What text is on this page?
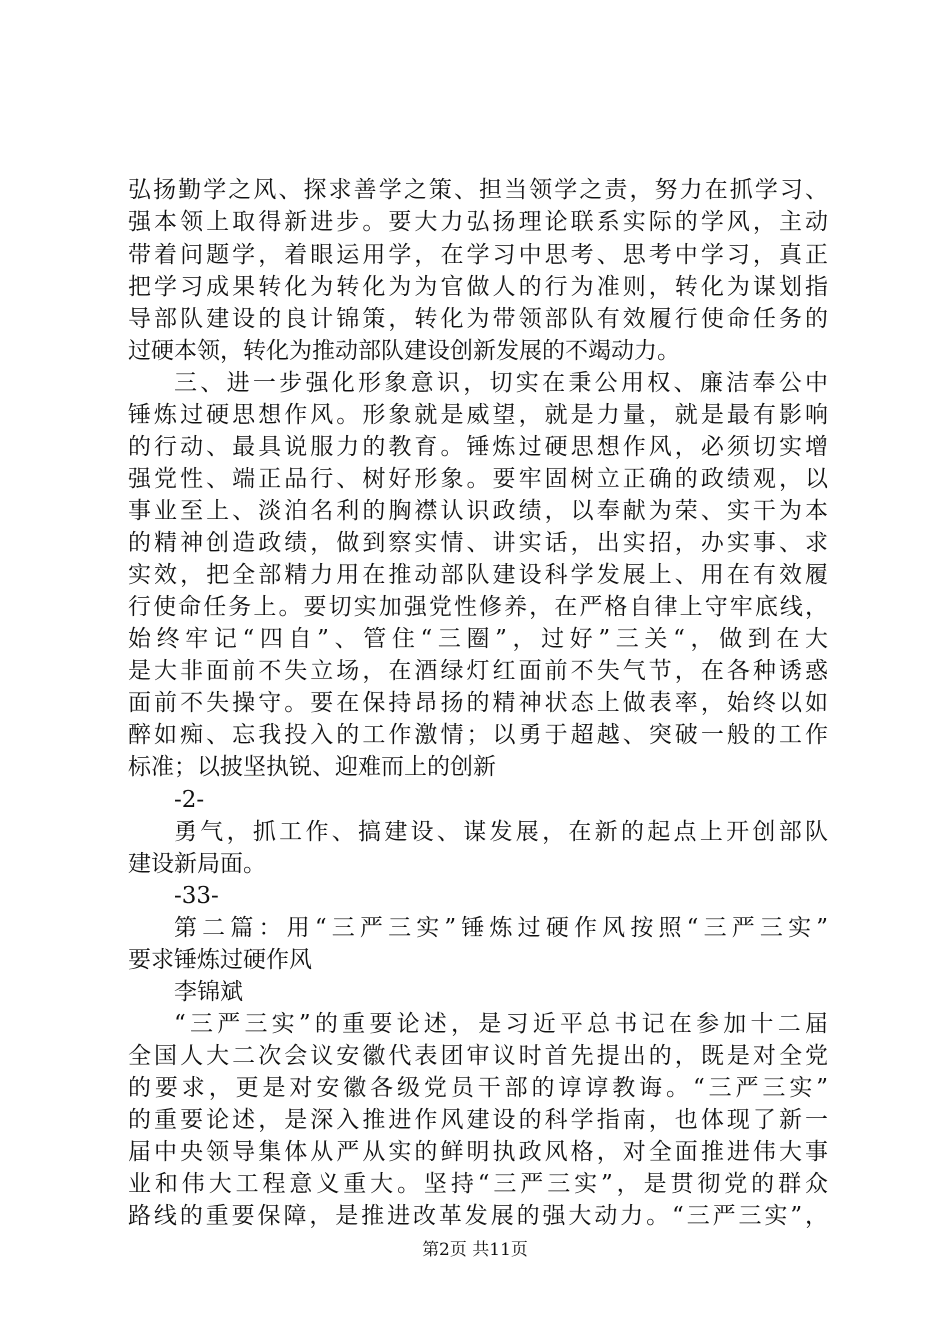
弘扬勤学之风、探求善学之策、担当领学之责，努力在抓学习、
强本领上取得新进步。要大力弘扬理论联系实际的学风，主动
带着问题学，着眼运用学，在学习中思考、思考中学习，真正
把学习成果转化为转化为为官做人的行为准则，转化为谋划指
导部队建设的良计锦策，转化为带领部队有效履行使命任务的
过硬本领，转化为推动部队建设创新发展的不竭动力。
三、进一步强化形象意识，切实在秉公用权、廉洁奉公中
锤炼过硬思想作风。形象就是威望，就是力量，就是最有影响
的行动、最具说服力的教育。锤炼过硬思想作风，必须切实增
强党性、端正品行、树好形象。要牢固树立正确的政绩观，以
事业至上、淡泊名利的胸襟认识政绩，以奉献为荣、实干为本
的精神创造政绩，做到察实情、讲实话，出实招，办实事、求
实效，把全部精力用在推动部队建设科学发展上、用在有效履
行使命任务上。要切实加强党性修养，在严格自律上守牢底线，
始终牢记“四自”、管住“三圈”，过好”三关“，做到在大
是大非面前不失立场，在酒绿灯红面前不失气节，在各种诱惑
面前不失操守。要在保持昂扬的精神状态上做表率，始终以如
醉如痴、忘我投入的工作激情；以勇于超越、突破一般的工作
标准；以披坚执锐、迎难而上的创新
-2-
勇气，抓工作、搞建设、谋发展，在新的起点上开创部队
建设新局面。
-33-
第二篇：用“三严三实”锤炼过硬作风按照“三严三实”
要求锤炼过硬作风
李锦斌
“三严三实”的重要论述，是习近平总书记在参加十二届
全国人大二次会议安徽代表团审议时首先提出的，既是对全党
的要求，更是对安徽各级党员干部的谆谆教诲。“三严三实”
的重要论述，是深入推进作风建设的科学指南，也体现了新一
届中央领导集体从严从实的鲜明执政风格，对全面推进伟大事
业和伟大工程意义重大。坚持“三严三实”，是贯彻党的群众
路线的重要保障，是推进改革发展的强大动力。“三严三实”，
第2页 共11页
